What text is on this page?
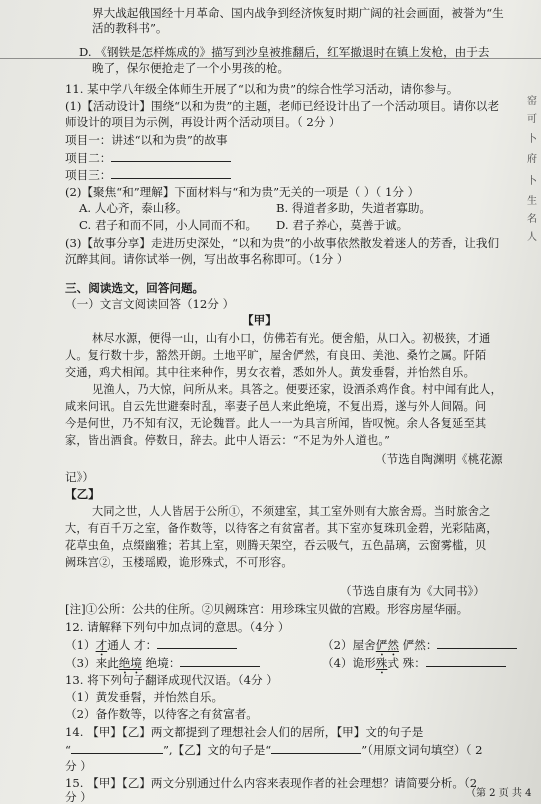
界大战起俄国经十月革命、国内战争到经济恢复时期广阔的社会画面，被誉为“生
活的教科书”。
D. 《钢铁是怎样炼成的》描写到沙皇被推翻后，红军撤退时在镇上发枪，由于去
晚了，保尔便抢走了一个小男孩的枪。
11. 某中学八年级全体师生开展了“以和为贵”的综合性学习活动，请你参与。
(1)【活动设计】围绕“以和为贵”的主题，老师已经设计出了一个活动项目。请你以老
师设计的项目为示例，再设计两个活动项目。（ 2分 ）
项目一：讲述“以和为贵”的故事
项目二：
项目三：
(2)【聚焦“和”理解】下面材料与“和为贵”无关的一项是（ ）（ 1分 ）
A. 人心齐，泰山移。	B. 得道者多助，失道者寡助。
C. 君子和而不同，小人同而不和。 D. 君子养心，莫善于诚。
(3)【故事分享】走进历史深处，“以和为贵”的小故事依然散发着迷人的芳香，让我们
沉醉其间。请你试举一例，写出故事名称即可。（1分 ）
三、阅读选文，回答问题。
（一）文言文阅读回答（12分 ）
【甲】
林尽水源，便得一山，山有小口，仿佛若有光。便舍船，从口入。初极狭，才通
人。复行数十步，豁然开朗。土地平旷，屋舍俨然，有良田、美池、桑竹之属。阡陌
交通，鸡犬相闻。其中往来种作，男女衣着，悉如外人。黄发垂髫，并怡然自乐。
见渔人，乃大惊，问所从来。具答之。便要还家，设酒杀鸡作食。村中闻有此人，
咸来问讯。自云先世避秦时乱，率妻子邑人来此绝境，不复出焉，遂与外人间隔。问
今是何世，乃不知有汉，无论魏晋。此人一一为具言所闻，皆叹惋。余人各复延至其
家，皆出酒食。停数日，辞去。此中人语云：“不足为外人道也。”
（节选自陶渊明《桃花源
记》）
【乙】
大同之世，人人皆居于公所①，不须建室，其工室外则有大旅舍焉。当时旅舍之
大，有百千万之室，备作数等，以待客之有贫富者。其下室亦复珠玑金碧，光彩陆离，
花草虫鱼，点缀幽雅；若其上室，则腾天架空，吞云吸气，五色晶璃，云窗雾槛，贝
阙珠宫②，玉楼瑶殿，诡形殊式，不可形容。
（节选自康有为《大同书》）
[注]①公所：公共的住所。②贝阙珠宫：用珍珠宝贝做的宫殿。形容房屋华丽。
12. 请解释下列句中加点词的意思。（4分 ）
（1）才通人 才：	（2）屋舍俨然 俨然：
（3）来此绝境 绝境：	（4）诡形殊式 殊：
13. 将下列句子翻译成现代汉语。（4分 ）
（1）黄发垂髫，并怡然自乐。
（2）备作数等，以待客之有贫富者。
14. 【甲】【乙】两文都提到了理想社会人们的居所，【甲】文的句子是
“	”,【乙】文的句子是“	”（用原文词句填空）（ 2
分 ）
15. 【甲】【乙】两文分别通过什么内容来表现作者的社会理想？请简要分析。（2
分 ）	（第 2 页 共 4
窑
可
卜
府
卜
生
名
人
